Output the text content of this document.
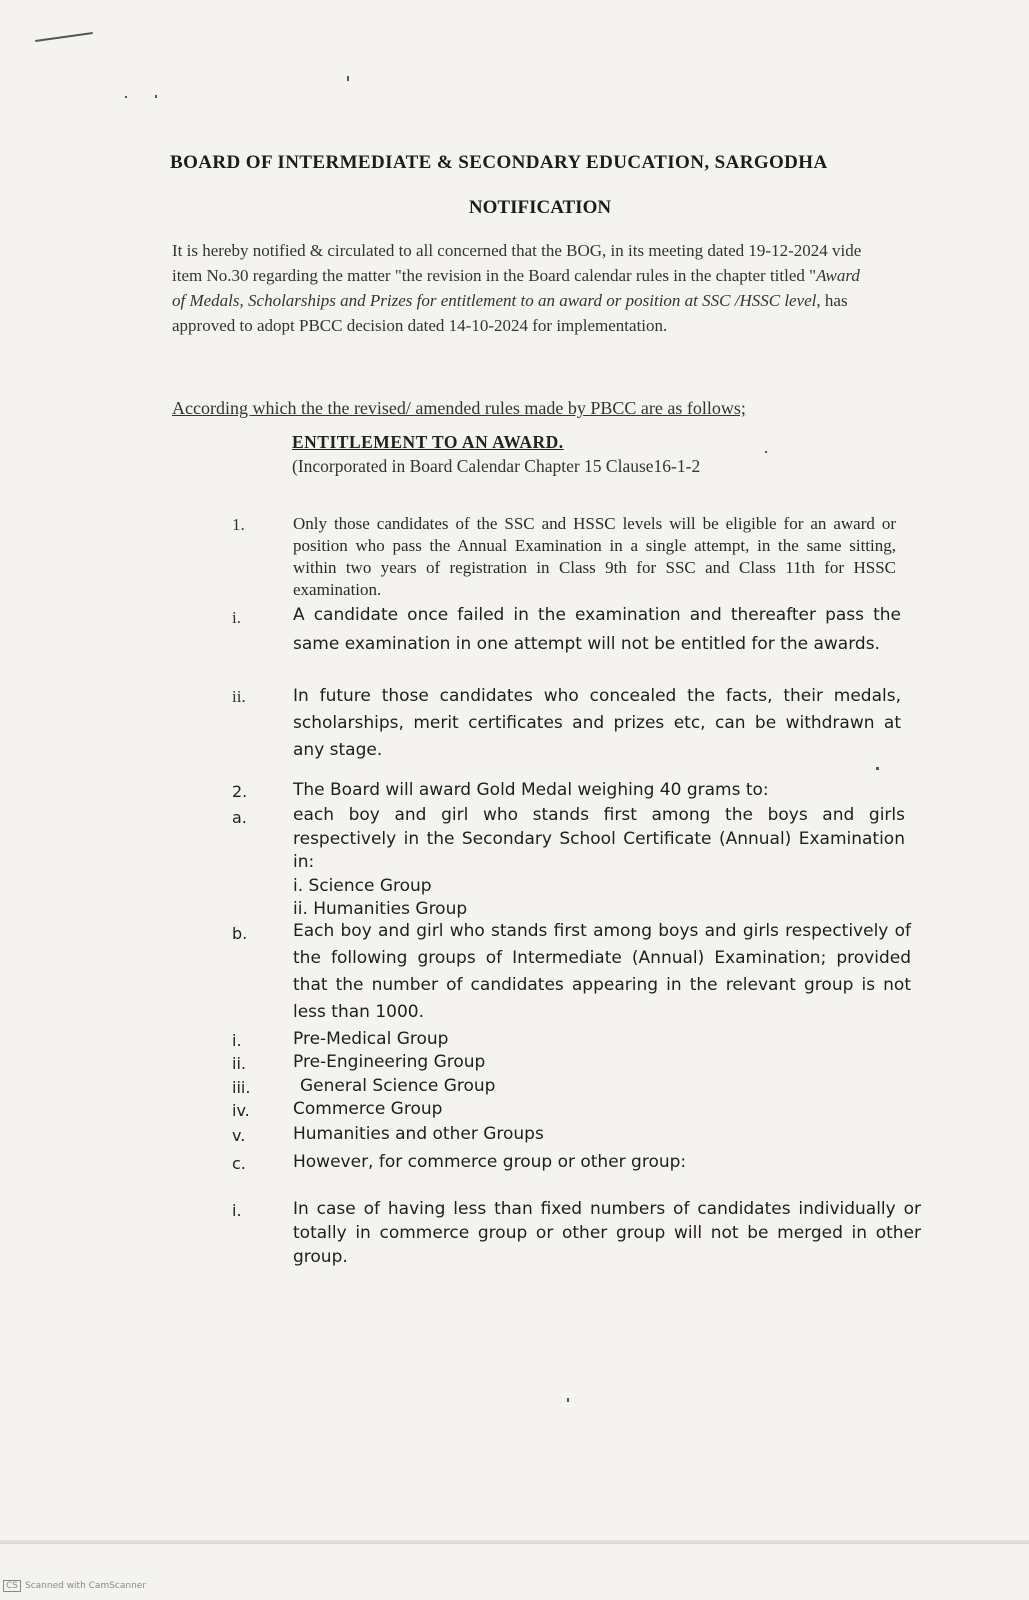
BOARD OF INTERMEDIATE & SECONDARY EDUCATION, SARGODHA
NOTIFICATION
It is hereby notified & circulated to all concerned that the BOG, in its meeting dated 19-12-2024 vide item No.30 regarding the matter "the revision in the Board calendar rules in the chapter titled "Award of Medals, Scholarships and Prizes for entitlement to an award or position at SSC /HSSC level, has approved to adopt PBCC decision dated 14-10-2024 for implementation.
According which the the revised/ amended rules made by PBCC are as follows;
ENTITLEMENT TO AN AWARD.
(Incorporated in Board Calendar Chapter 15 Clause16-1-2
1.	Only those candidates of the SSC and HSSC levels will be eligible for an award or position who pass the Annual Examination in a single attempt, in the same sitting, within two years of registration in Class 9th for SSC and Class 11th for HSSC examination.
i.	A candidate once failed in the examination and thereafter pass the same examination in one attempt will not be entitled for the awards.
ii.	In future those candidates who concealed the facts, their medals, scholarships, merit certificates and prizes etc, can be withdrawn at any stage.
2.	The Board will award Gold Medal weighing 40 grams to:
a.	each boy and girl who stands first among the boys and girls respectively in the Secondary School Certificate (Annual) Examination in:
i. Science Group
ii. Humanities Group
b.	Each boy and girl who stands first among boys and girls respectively of the following groups of Intermediate (Annual) Examination; provided that the number of candidates appearing in the relevant group is not less than 1000.
i.	Pre-Medical Group
ii.	Pre-Engineering Group
iii.	General Science Group
iv.	Commerce Group
v.	Humanities and other Groups
c.	However, for commerce group or other group:
i.	In case of having less than fixed numbers of candidates individually or totally in commerce group or other group will not be merged in other group.
CS Scanned with CamScanner
